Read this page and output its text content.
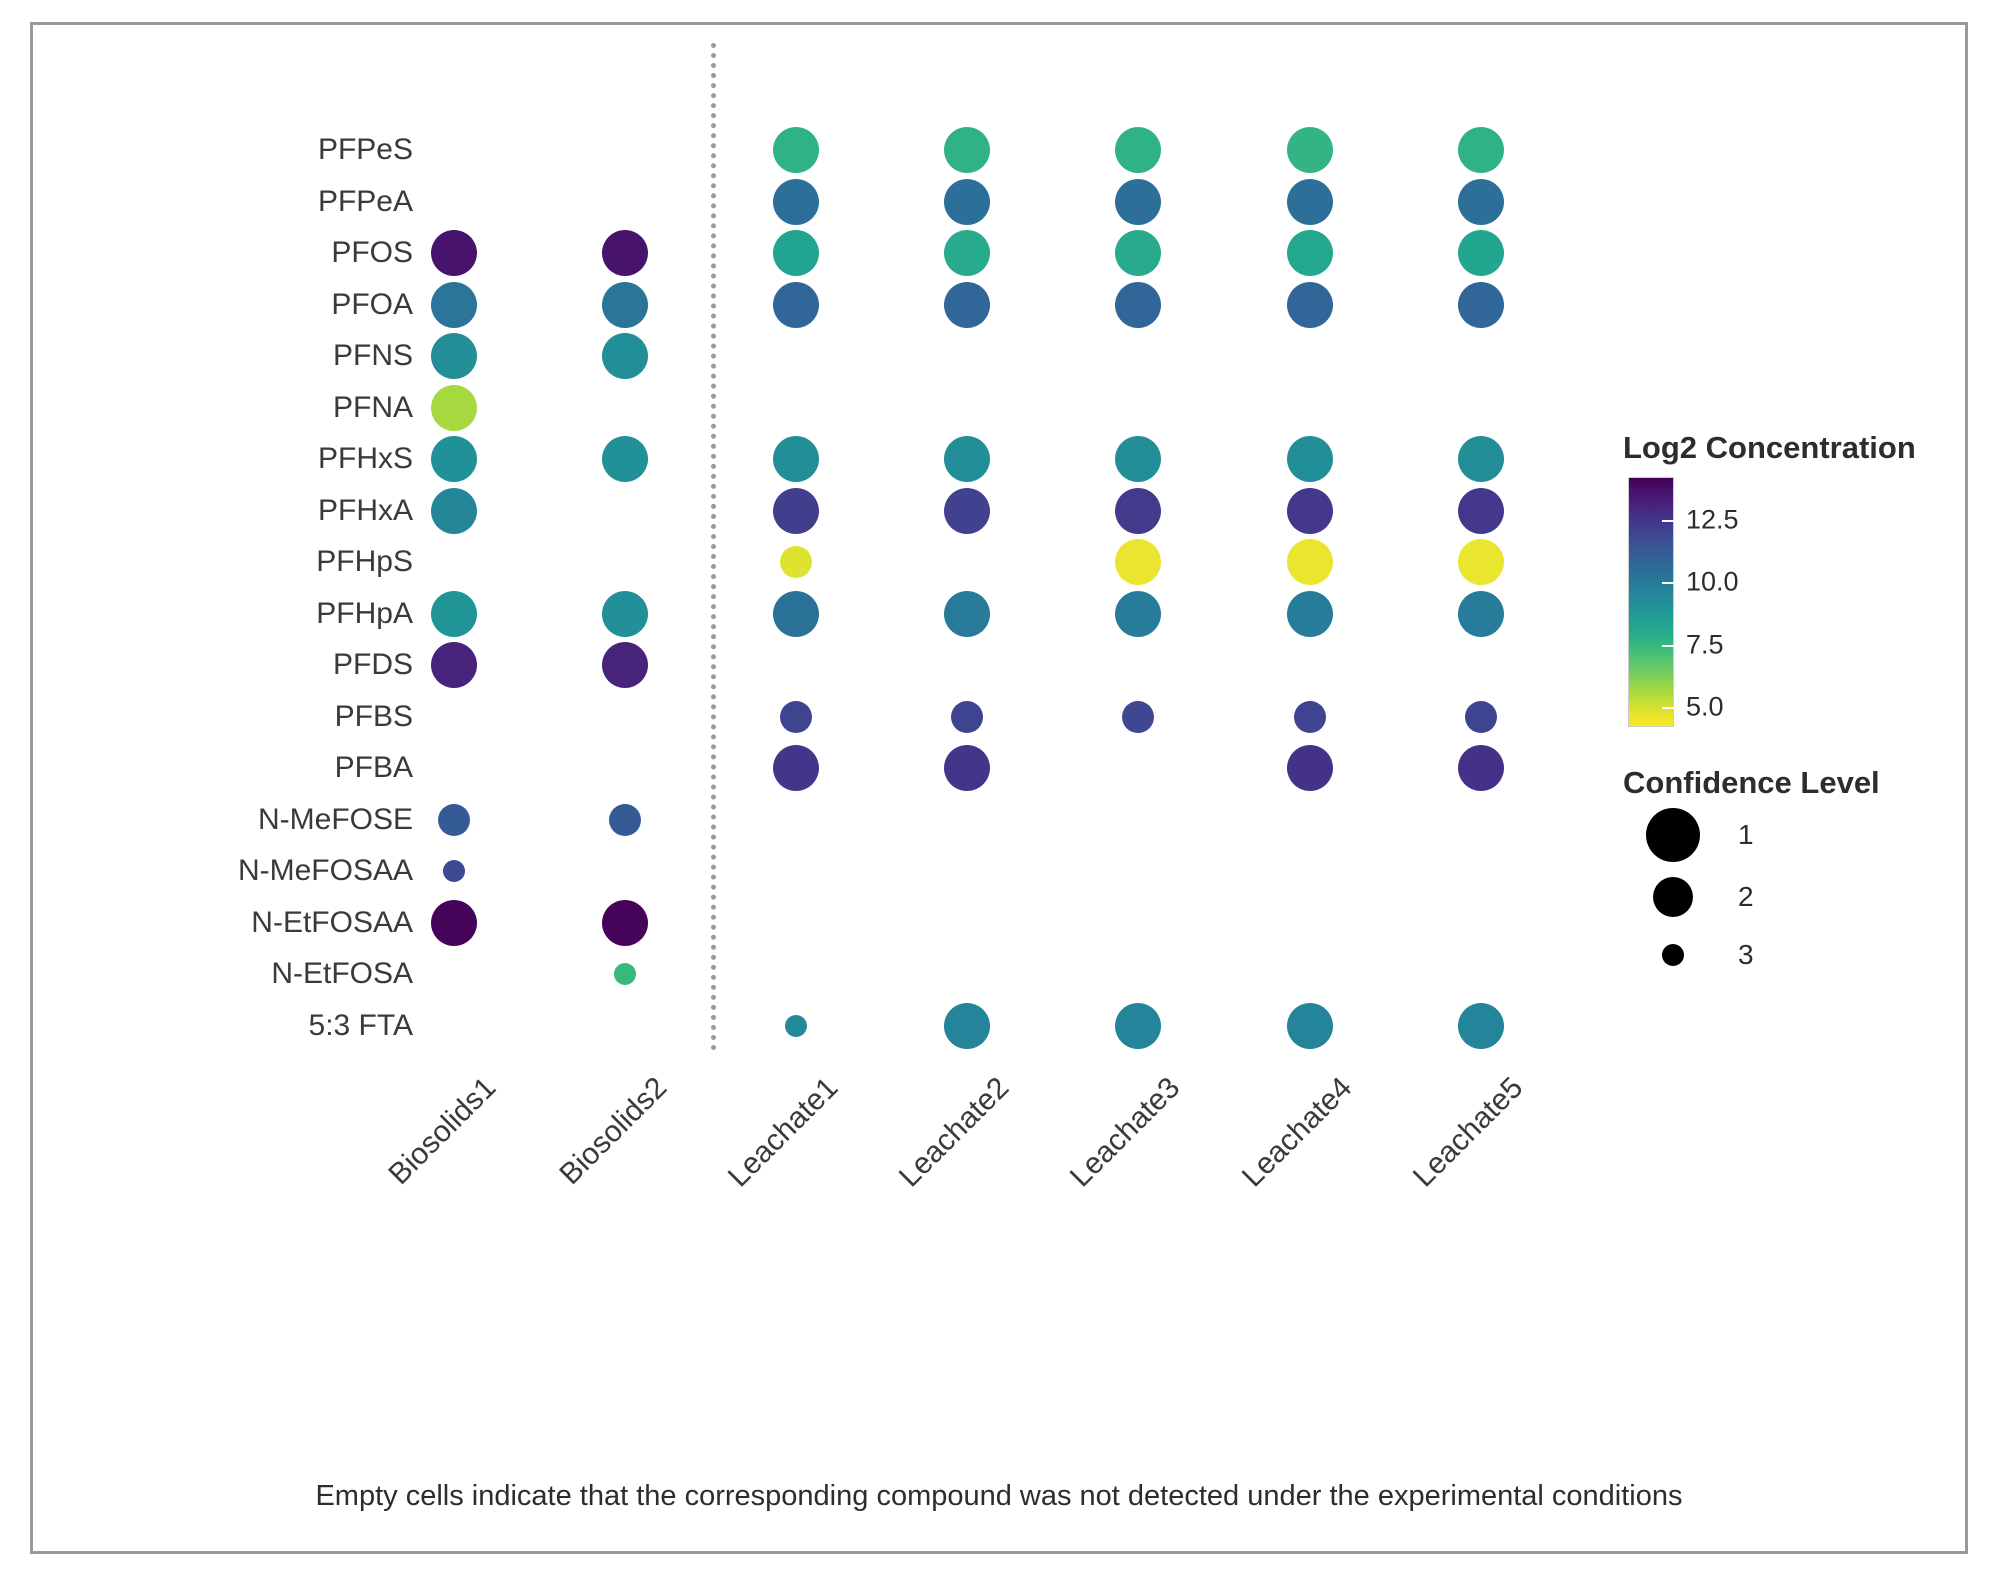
PFPeS
PFPeA
PFOS
PFOA
PFNS
PFNA
PFHxS
PFHxA
PFHpS
PFHpA
PFDS
PFBS
PFBA
N-MeFOSE
N-MeFOSAA
N-EtFOSAA
N-EtFOSA
5:3 FTA
Biosolids1	Biosolids2	Leachate1	Leachate2	Leachate3	Leachate4	Leachate5
Log2 Concentration
12.5
10.0
7.5
5.0
Confidence Level
1
2
3
Empty cells indicate that the corresponding compound was not detected under the experimental conditions
